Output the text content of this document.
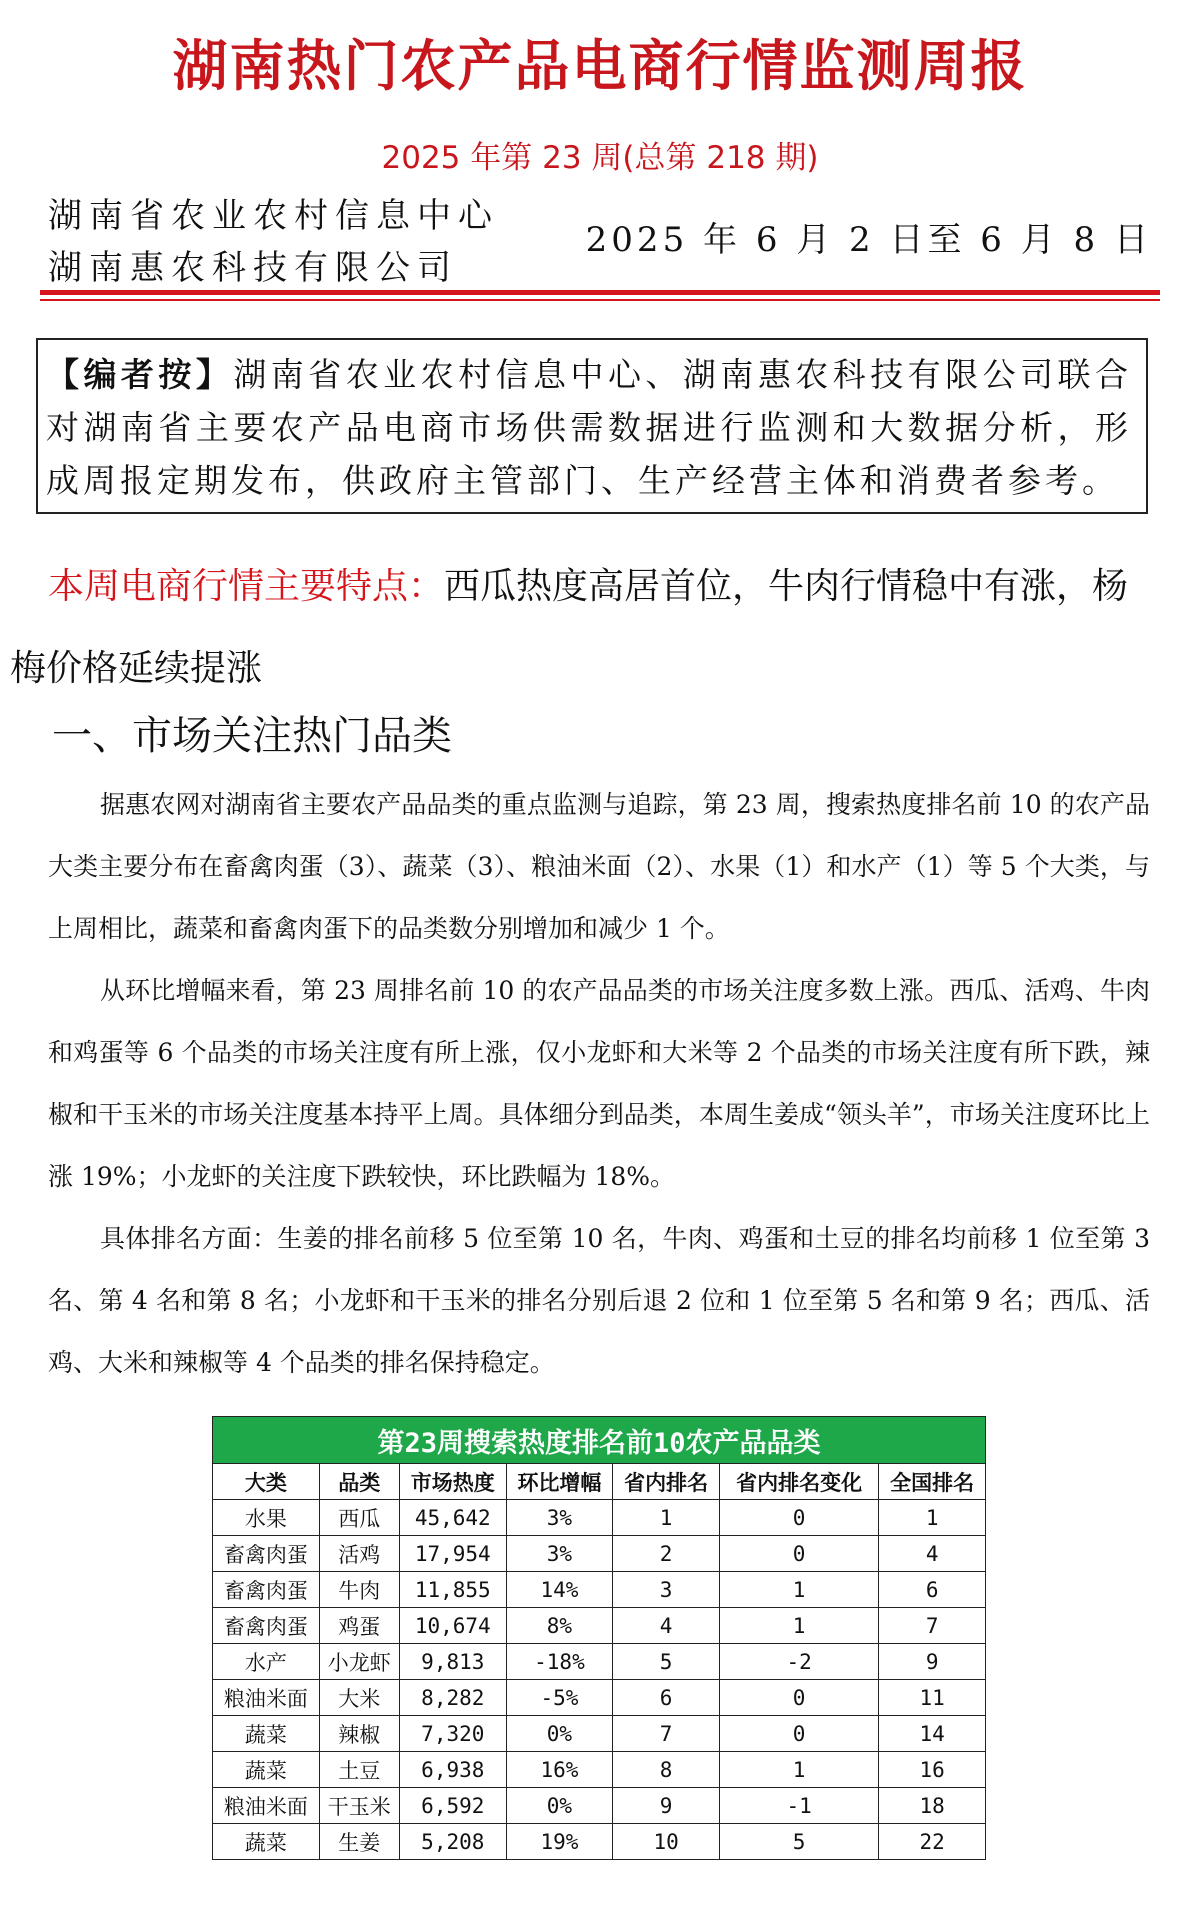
湖南热门农产品电商行情监测周报
2025 年第 23 周(总第 218 期)
湖南省农业农村信息中心
湖南惠农科技有限公司
2025 年 6 月 2 日至 6 月 8 日
【编者按】湖南省农业农村信息中心、湖南惠农科技有限公司联合对湖南省主要农产品电商市场供需数据进行监测和大数据分析，形成周报定期发布，供政府主管部门、生产经营主体和消费者参考。
本周电商行情主要特点：西瓜热度高居首位，牛肉行情稳中有涨，杨梅价格延续提涨
一、市场关注热门品类

据惠农网对湖南省主要农产品品类的重点监测与追踪，第 23 周，搜索热度排名前 10 的农产品大类主要分布在畜禽肉蛋（3）、蔬菜（3）、粮油米面（2）、水果（1）和水产（1）等 5 个大类，与上周相比，蔬菜和畜禽肉蛋下的品类数分别增加和减少 1 个。

从环比增幅来看，第 23 周排名前 10 的农产品品类的市场关注度多数上涨。西瓜、活鸡、牛肉和鸡蛋等 6 个品类的市场关注度有所上涨，仅小龙虾和大米等 2 个品类的市场关注度有所下跌，辣椒和干玉米的市场关注度基本持平上周。具体细分到品类，本周生姜成“领头羊”，市场关注度环比上涨 19%；小龙虾的关注度下跌较快，环比跌幅为 18%。

具体排名方面：生姜的排名前移 5 位至第 10 名，牛肉、鸡蛋和土豆的排名均前移 1 位至第 3 名、第 4 名和第 8 名；小龙虾和干玉米的排名分别后退 2 位和 1 位至第 5 名和第 9 名；西瓜、活鸡、大米和辣椒等 4 个品类的排名保持稳定。

第23周搜索热度排名前10农产品品类						
大类	品类	市场热度	环比增幅	省内排名	省内排名变化	全国排名
水果	西瓜	45,642	3%	1	0	1
畜禽肉蛋	活鸡	17,954	3%	2	0	4
畜禽肉蛋	牛肉	11,855	14%	3	1	6
畜禽肉蛋	鸡蛋	10,674	8%	4	1	7
水产	小龙虾	9,813	-18%	5	-2	9
粮油米面	大米	8,282	-5%	6	0	11
蔬菜	辣椒	7,320	0%	7	0	14
蔬菜	土豆	6,938	16%	8	1	16
粮油米面	干玉米	6,592	0%	9	-1	18
蔬菜	生姜	5,208	19%	10	5	22
